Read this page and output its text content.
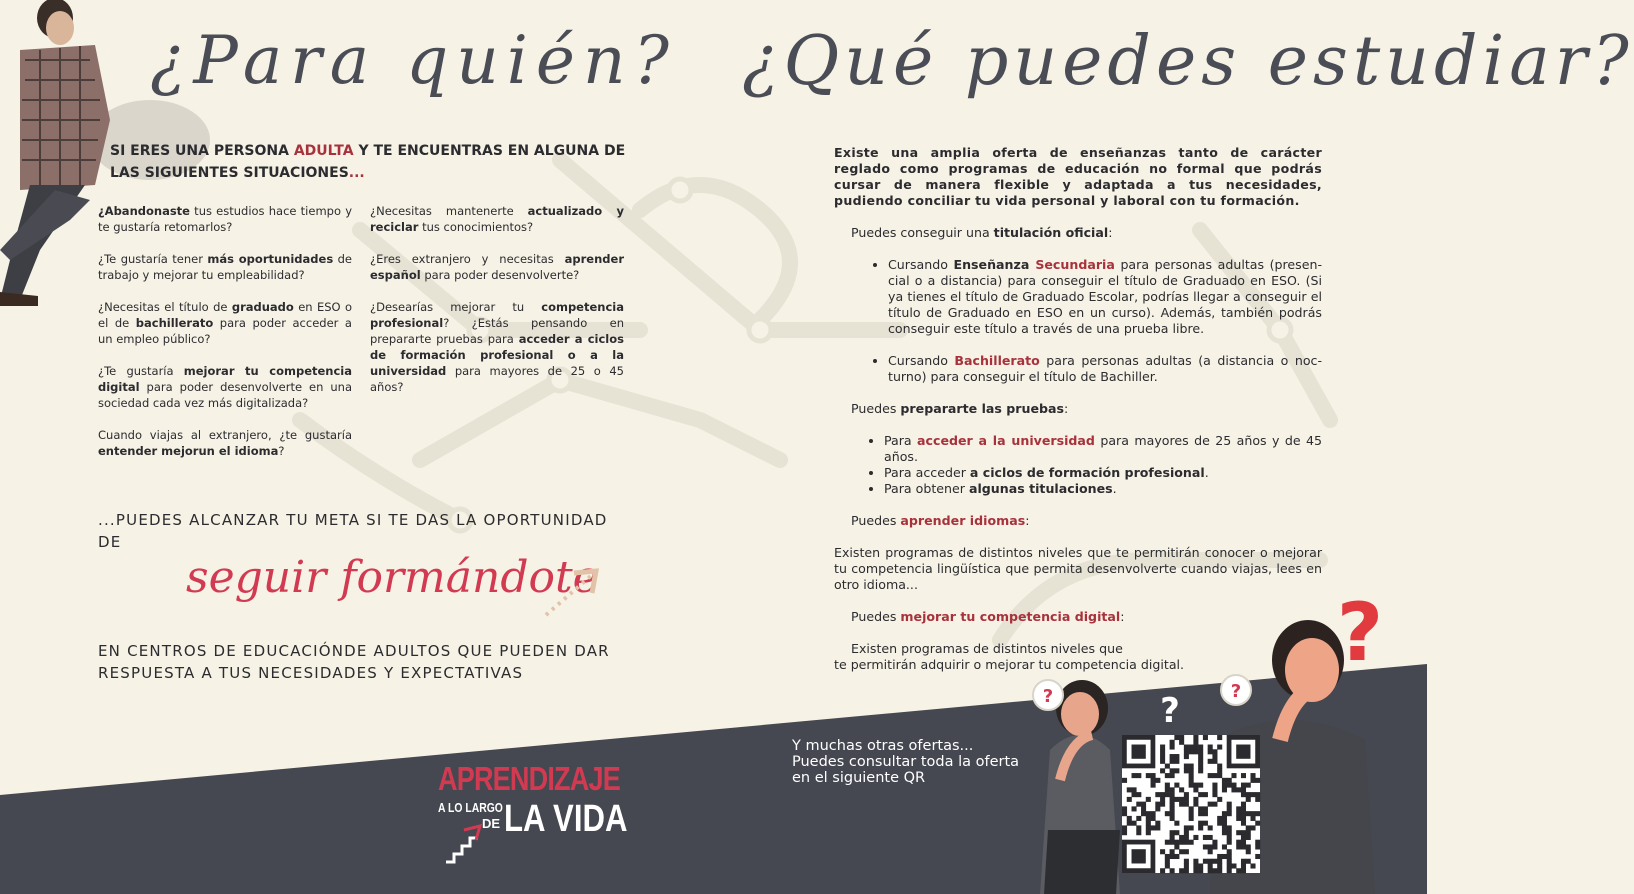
¿Para quién?
SI ERES UNA PERSONA ADULTA Y TE ENCUENTRAS EN ALGUNA DE LAS SIGUIENTES SITUACIONES...

¿Abandonaste tus estudios hace tiempo y te gustaría retomarlos?

¿Te gustaría tener más oportunidades de trabajo y mejorar tu empleabilidad?

¿Necesitas el título de graduado en ESO o el de bachillerato para poder acceder a un empleo público?

¿Te gustaría mejorar tu competencia digital para poder desenvolverte en una sociedad cada vez más digitalizada?

Cuando viajas al extranjero, ¿te gustaría entender mejorun el idioma?

¿Necesitas mantenerte actualizado y reciclar tus conocimientos?

¿Eres extranjero y necesitas aprender español para poder desenvolverte?

¿Desearías mejorar tu competencia profesional? ¿Estás pensando en prepararte pruebas para acceder a ciclos de formación profesional o a la universidad para mayores de 25 o 45 años?

...PUEDES ALCANZAR TU META SI TE DAS LA OPORTUNIDAD DE
seguir formándote
EN CENTROS DE EDUCACIÓNDE ADULTOS QUE PUEDEN DAR RESPUESTA A TUS NECESIDADES Y EXPECTATIVAS
APRENDIZAJE
A LO LARGO
DE LA VIDA
¿Qué puedes estudiar?
Existe una amplia oferta de enseñanzas tanto de carácter reglado como programas de educación no formal que podrás cursar de manera flexible y adaptada a tus necesidades, pudiendo conciliar tu vida personal y laboral con tu formación.
Puedes conseguir una titulación oficial:
• Cursando Enseñanza Secundaria para personas adultas (presencial o a distancia) para conseguir el título de Graduado en ESO. (Si ya tienes el título de Graduado Escolar, podrías llegar a conseguir el título de Graduado en ESO en un curso). Además, también podrás conseguir este título a través de una prueba libre.
• Cursando Bachillerato para personas adultas (a distancia o nocturno) para conseguir el título de Bachiller.
Puedes prepararte las pruebas:
• Para acceder a la universidad para mayores de 25 años y de 45 años.
• Para acceder a ciclos de formación profesional.
• Para obtener algunas titulaciones.
Puedes aprender idiomas:
Existen programas de distintos niveles que te permitirán conocer o mejorar tu competencia lingüística que permita desenvolverte cuando viajas, lees en otro idioma...
Puedes mejorar tu competencia digital:
Existen programas de distintos niveles que
te permitirán adquirir o mejorar tu competencia digital.
Y muchas otras ofertas...
Puedes consultar toda la oferta
en el siguiente QR
?	?	?
?
